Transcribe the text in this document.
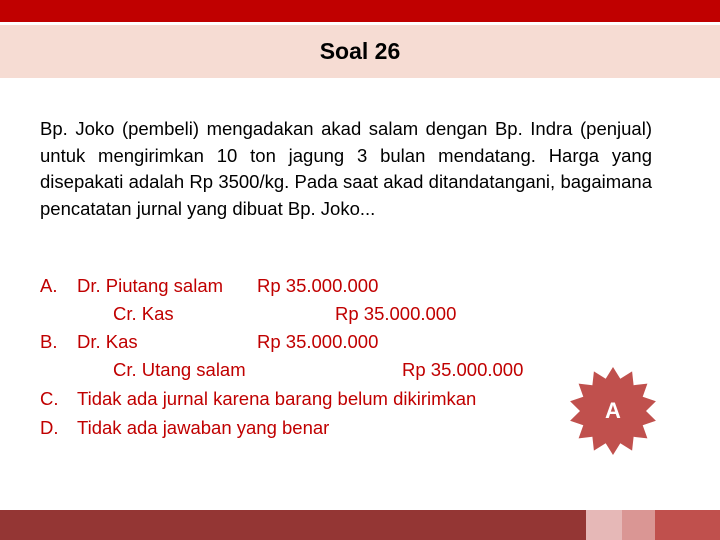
Soal 26
Bp. Joko (pembeli) mengadakan akad salam dengan Bp. Indra (penjual) untuk mengirimkan 10 ton jagung 3 bulan mendatang. Harga yang disepakati adalah Rp 3500/kg. Pada saat akad ditandatangani, bagaimana pencatatan jurnal yang dibuat Bp. Joko...
A. Dr. Piutang salam Rp 35.000.000
Cr. Kas	Rp 35.000.000
B. Dr. Kas	Rp 35.000.000
Cr. Utang salam	Rp 35.000.000
C. Tidak ada jurnal karena barang belum dikirimkan
D. Tidak ada jawaban yang benar
A
